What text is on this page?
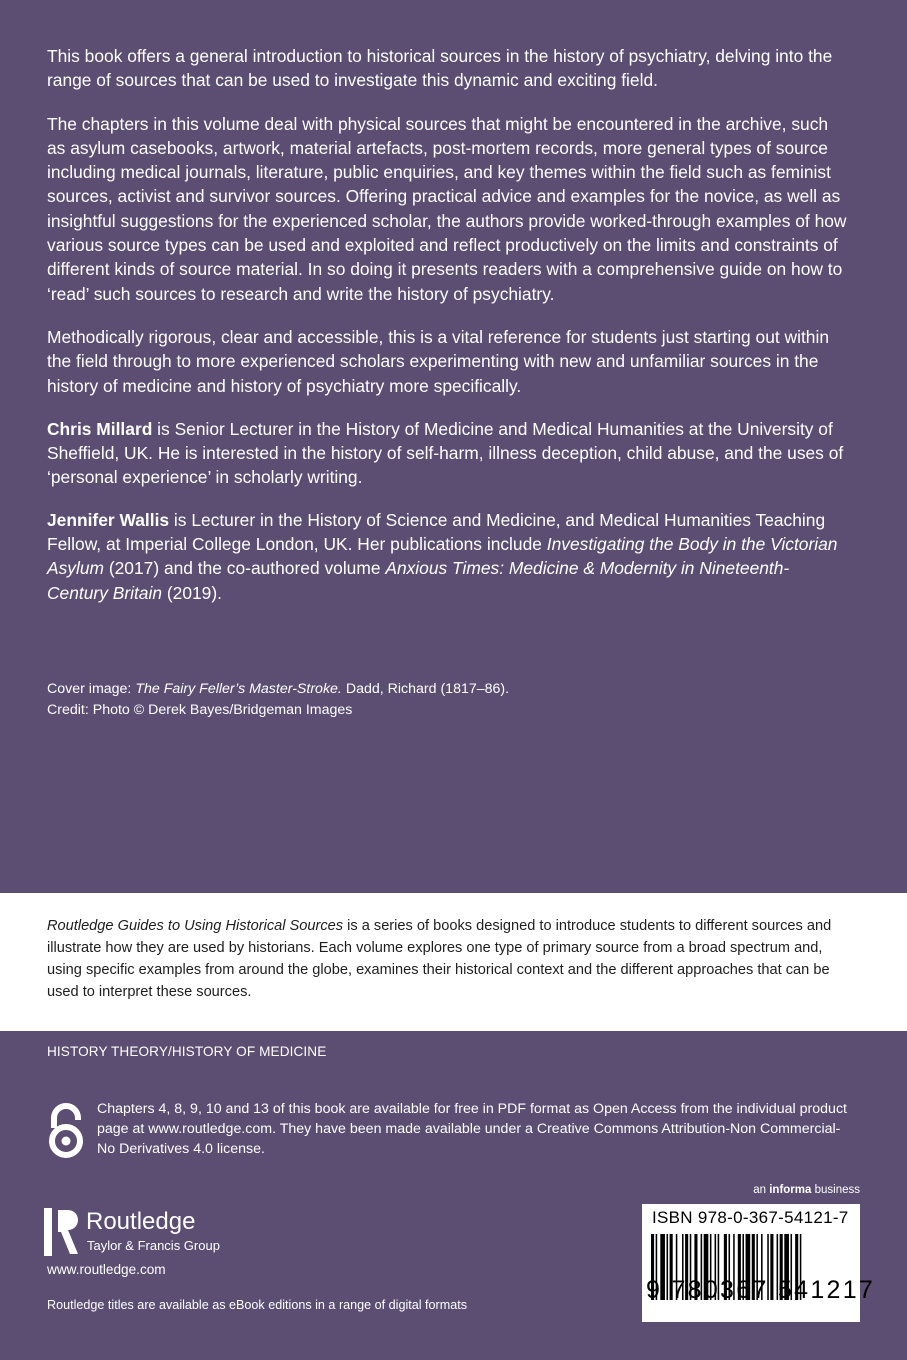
This book offers a general introduction to historical sources in the history of psychiatry, delving into the range of sources that can be used to investigate this dynamic and exciting field.

The chapters in this volume deal with physical sources that might be encountered in the archive, such as asylum casebooks, artwork, material artefacts, post-mortem records, more general types of source including medical journals, literature, public enquiries, and key themes within the field such as feminist sources, activist and survivor sources. Offering practical advice and examples for the novice, as well as insightful suggestions for the experienced scholar, the authors provide worked-through examples of how various source types can be used and exploited and reflect productively on the limits and constraints of different kinds of source material. In so doing it presents readers with a comprehensive guide on how to ‘read’ such sources to research and write the history of psychiatry.

Methodically rigorous, clear and accessible, this is a vital reference for students just starting out within the field through to more experienced scholars experimenting with new and unfamiliar sources in the history of medicine and history of psychiatry more specifically.

Chris Millard is Senior Lecturer in the History of Medicine and Medical Humanities at the University of Sheffield, UK. He is interested in the history of self-harm, illness deception, child abuse, and the uses of ‘personal experience’ in scholarly writing.

Jennifer Wallis is Lecturer in the History of Science and Medicine, and Medical Humanities Teaching Fellow, at Imperial College London, UK. Her publications include Investigating the Body in the Victorian Asylum (2017) and the co-authored volume Anxious Times: Medicine & Modernity in Nineteenth-Century Britain (2019).

Cover image: The Fairy Feller’s Master-Stroke. Dadd, Richard (1817–86).
Credit: Photo © Derek Bayes/Bridgeman Images

Routledge Guides to Using Historical Sources is a series of books designed to introduce students to different sources and illustrate how they are used by historians. Each volume explores one type of primary source from a broad spectrum and, using specific examples from around the globe, examines their historical context and the different approaches that can be used to interpret these sources.

HISTORY THEORY/HISTORY OF MEDICINE
Chapters 4, 8, 9, 10 and 13 of this book are available for free in PDF format as Open Access from the individual product page at www.routledge.com. They have been made available under a Creative Commons Attribution-Non Commercial-No Derivatives 4.0 license.
Routledge
Taylor & Francis Group
www.routledge.com
Routledge titles are available as eBook editions in a range of digital formats
an informa business
ISBN 978-0-367-54121-7
9 780367 541217
